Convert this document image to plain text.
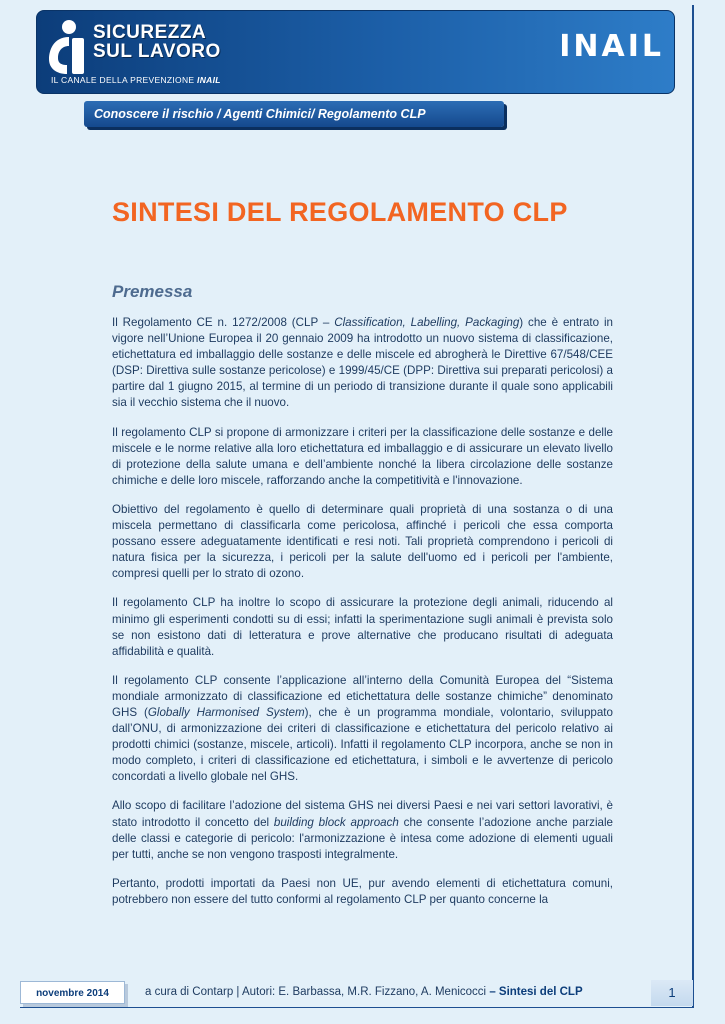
SICUREZZA
SUL LAVORO
IL CANALE DELLA PREVENZIONE INAIL
INAIL
Conoscere il rischio / Agenti Chimici/ Regolamento CLP
SINTESI DEL REGOLAMENTO CLP
Premessa

Il Regolamento CE n. 1272/2008 (CLP – Classification, Labelling, Packaging) che è entrato in vigore nell’Unione Europea il 20 gennaio 2009 ha introdotto un nuovo sistema di classificazione, etichettatura ed imballaggio delle sostanze e delle miscele ed abrogherà le Direttive 67/548/CEE (DSP: Direttiva sulle sostanze pericolose) e 1999/45/CE (DPP: Direttiva sui preparati pericolosi) a partire dal 1 giugno 2015, al termine di un periodo di transizione durante il quale sono applicabili sia il vecchio sistema che il nuovo.

Il regolamento CLP si propone di armonizzare i criteri per la classificazione delle sostanze e delle miscele e le norme relative alla loro etichettatura ed imballaggio e di assicurare un elevato livello di protezione della salute umana e dell’ambiente nonché la libera circolazione delle sostanze chimiche e delle loro miscele, rafforzando anche la competitività e l'innovazione.

Obiettivo del regolamento è quello di determinare quali proprietà di una sostanza o di una miscela permettano di classificarla come pericolosa, affinché i pericoli che essa comporta possano essere adeguatamente identificati e resi noti. Tali proprietà comprendono i pericoli di natura fisica per la sicurezza, i pericoli per la salute dell'uomo ed i pericoli per l'ambiente, compresi quelli per lo strato di ozono.

Il regolamento CLP ha inoltre lo scopo di assicurare la protezione degli animali, riducendo al minimo gli esperimenti condotti su di essi; infatti la sperimentazione sugli animali è prevista solo se non esistono dati di letteratura e prove alternative che producano risultati di adeguata affidabilità e qualità.

Il regolamento CLP consente l’applicazione all’interno della Comunità Europea del “Sistema mondiale armonizzato di classificazione ed etichettatura delle sostanze chimiche” denominato GHS (Globally Harmonised System), che è un programma mondiale, volontario, sviluppato dall’ONU, di armonizzazione dei criteri di classificazione e etichettatura del pericolo relativo ai prodotti chimici (sostanze, miscele, articoli). Infatti il regolamento CLP incorpora, anche se non in modo completo, i criteri di classificazione ed etichettatura, i simboli e le avvertenze di pericolo concordati a livello globale nel GHS.

Allo scopo di facilitare l’adozione del sistema GHS nei diversi Paesi e nei vari settori lavorativi, è stato introdotto il concetto del building block approach che consente l’adozione anche parziale delle classi e categorie di pericolo: l'armonizzazione è intesa come adozione di elementi uguali per tutti, anche se non vengono trasposti integralmente.

Pertanto, prodotti importati da Paesi non UE, pur avendo elementi di etichettatura comuni, potrebbero non essere del tutto conformi al regolamento CLP per quanto concerne la

novembre 2014	a cura di Contarp | Autori: E. Barbassa, M.R. Fizzano, A. Menicocci – Sintesi del CLP	1
